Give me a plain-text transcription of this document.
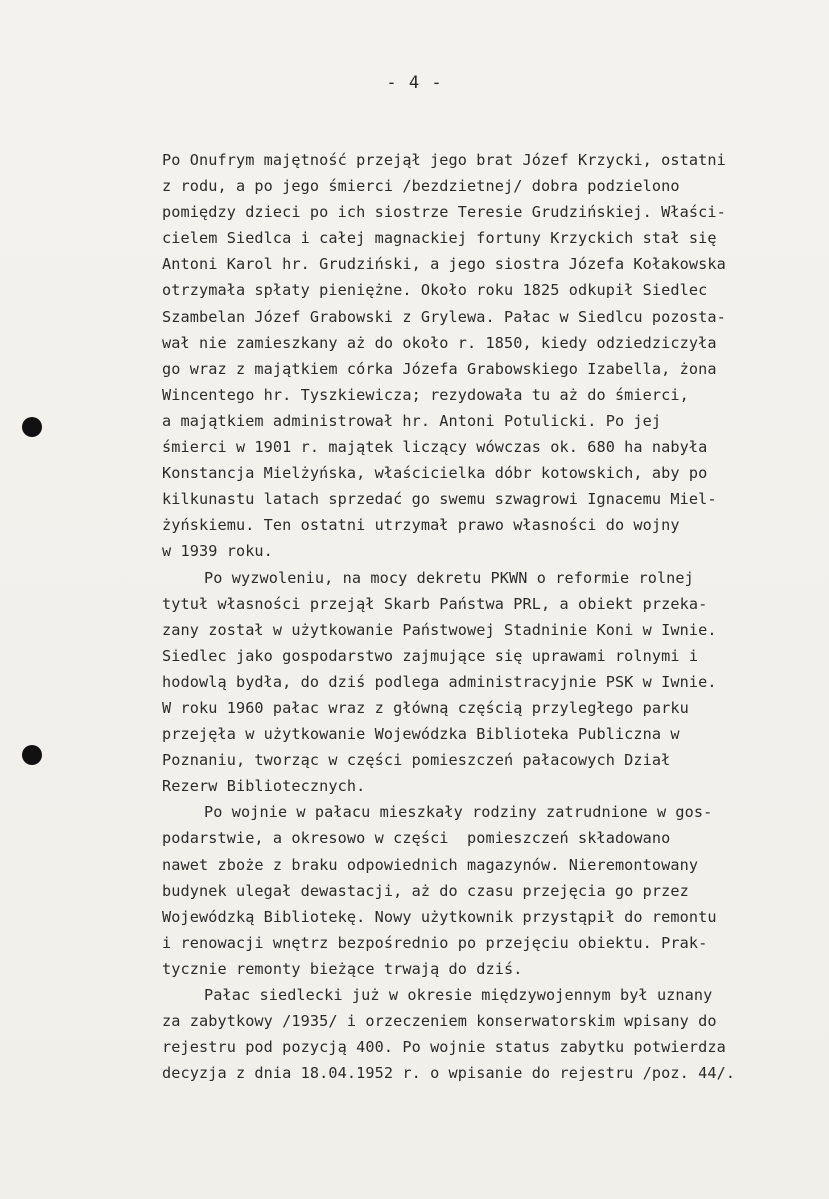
- 4 -
Po Onufrym majętność przejął jego brat Józef Krzycki, ostatni
z rodu, a po jego śmierci /bezdzietnej/ dobra podzielono
pomiędzy dzieci po ich siostrze Teresie Grudzińskiej. Właści-
cielem Siedlca i całej magnackiej fortuny Krzyckich stał się
Antoni Karol hr. Grudziński, a jego siostra Józefa Kołakowska
otrzymała spłaty pieniężne. Około roku 1825 odkupił Siedlec
Szambelan Józef Grabowski z Grylewa. Pałac w Siedlcu pozosta-
wał nie zamieszkany aż do około r. 1850, kiedy odziedziczyła
go wraz z majątkiem córka Józefa Grabowskiego Izabella, żona
Wincentego hr. Tyszkiewicza; rezydowała tu aż do śmierci,
a majątkiem administrował hr. Antoni Potulicki. Po jej
śmierci w 1901 r. majątek liczący wówczas ok. 680 ha nabyła
Konstancja Mielżyńska, właścicielka dóbr kotowskich, aby po
kilkunastu latach sprzedać go swemu szwagrowi Ignacemu Miel-
żyńskiemu. Ten ostatni utrzymał prawo własności do wojny
w 1939 roku.
Po wyzwoleniu, na mocy dekretu PKWN o reformie rolnej
tytuł własności przejął Skarb Państwa PRL, a obiekt przeka-
zany został w użytkowanie Państwowej Stadninie Koni w Iwnie.
Siedlec jako gospodarstwo zajmujące się uprawami rolnymi i
hodowlą bydła, do dziś podlega administracyjnie PSK w Iwnie.
W roku 1960 pałac wraz z główną częścią przyległego parku
przejęła w użytkowanie Wojewódzka Biblioteka Publiczna w
Poznaniu, tworząc w części pomieszczeń pałacowych Dział
Rezerw Bibliotecznych.
Po wojnie w pałacu mieszkały rodziny zatrudnione w gos-
podarstwie, a okresowo w części  pomieszczeń składowano
nawet zboże z braku odpowiednich magazynów. Nieremontowany
budynek ulegał dewastacji, aż do czasu przejęcia go przez
Wojewódzką Bibliotekę. Nowy użytkownik przystąpił do remontu
i renowacji wnętrz bezpośrednio po przejęciu obiektu. Prak-
tycznie remonty bieżące trwają do dziś.
Pałac siedlecki już w okresie międzywojennym był uznany
za zabytkowy /1935/ i orzeczeniem konserwatorskim wpisany do
rejestru pod pozycją 400. Po wojnie status zabytku potwierdza
decyzja z dnia 18.04.1952 r. o wpisanie do rejestru /poz. 44/.
